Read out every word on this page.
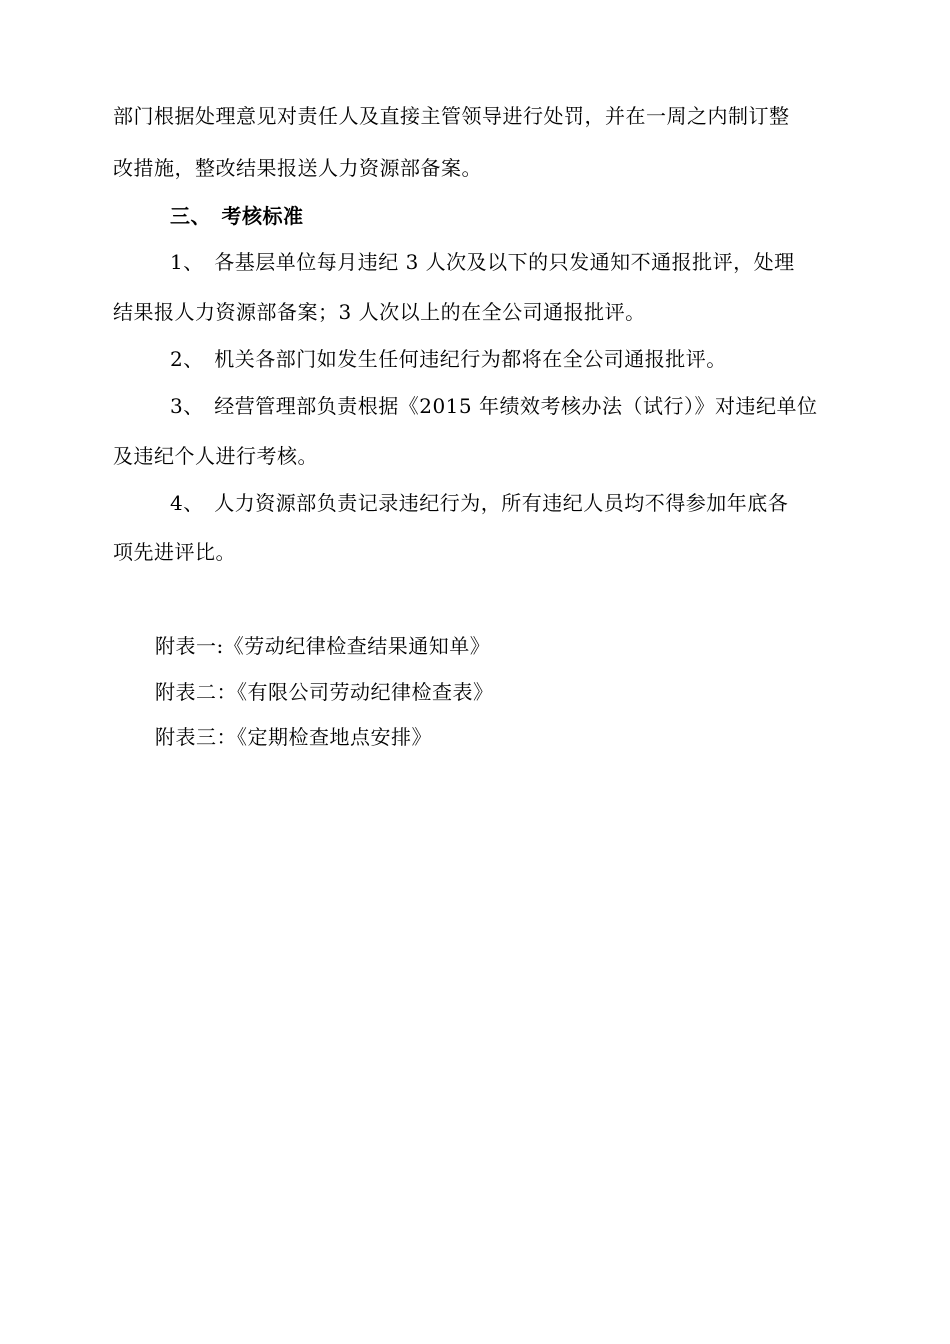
部门根据处理意见对责任人及直接主管领导进行处罚，并在一周之内制订整
改措施，整改结果报送人力资源部备案。
三、　考核标准
1、　各基层单位每月违纪 3 人次及以下的只发通知不通报批评，处理
结果报人力资源部备案；3 人次以上的在全公司通报批评。
2、　机关各部门如发生任何违纪行为都将在全公司通报批评。
3、　经营管理部负责根据《2015 年绩效考核办法（试行）》对违纪单位
及违纪个人进行考核。
4、　人力资源部负责记录违纪行为，所有违纪人员均不得参加年底各
项先进评比。
附表一:《劳动纪律检查结果通知单》
附表二：《有限公司劳动纪律检查表》
附表三：《定期检查地点安排》
